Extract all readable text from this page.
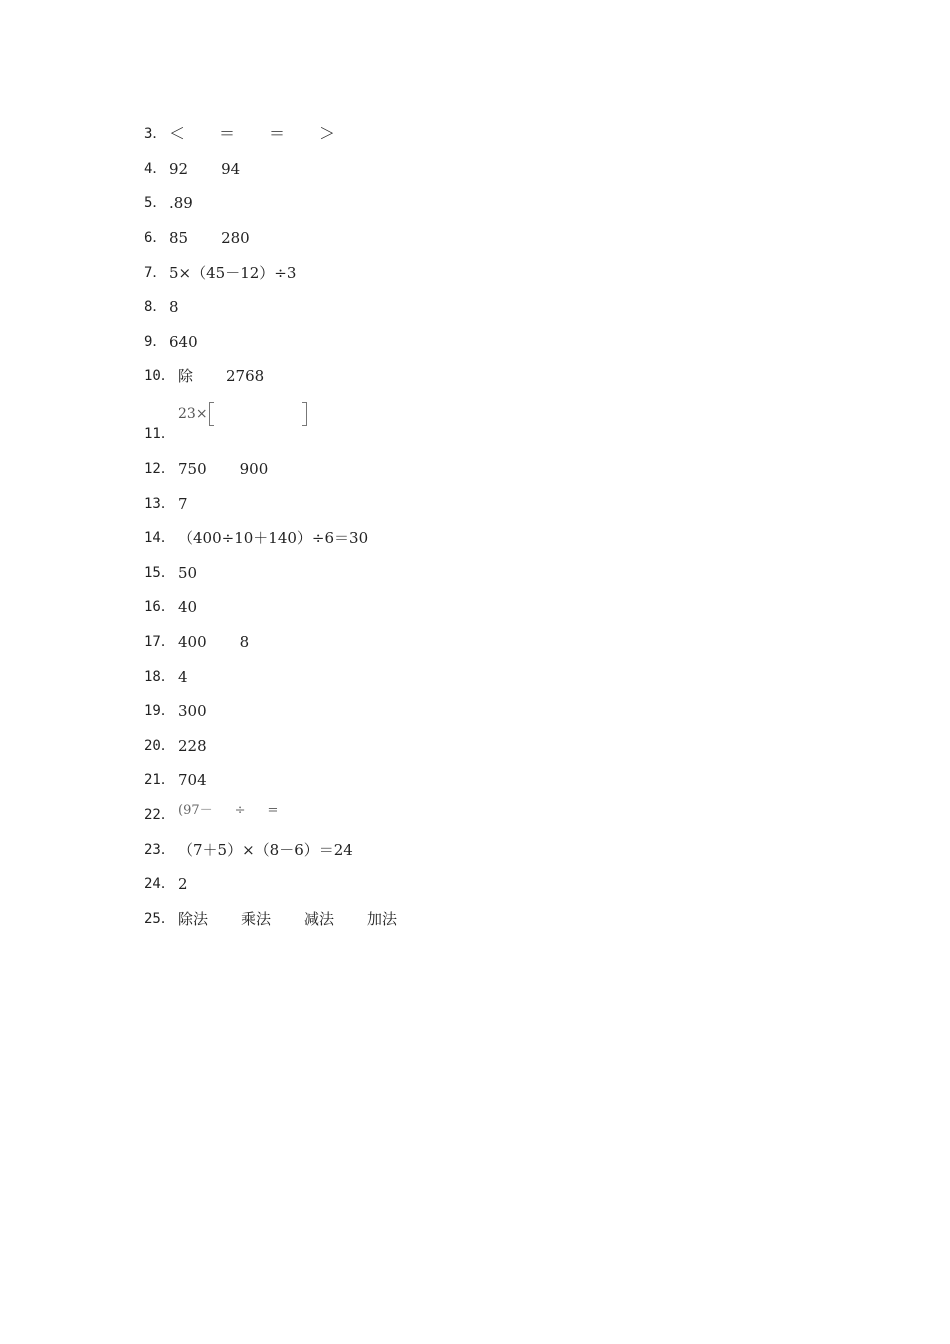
3． ＜	＝	＝	＞
4． 92 94
5． .89
6． 85 280
7． 5×（45－12）÷3
8． 8
9． 640
10． 除 2768
11．
23×
12． 750 900
13． 7
14． （400÷10＋140）÷6＝30
15． 50
16． 40
17． 400 8
18． 4
19． 300
20． 228
21． 704
22． (97－ ÷ =
23． （7＋5）×（8－6）＝24
24． 2
25． 除法 乘法 减法 加法
